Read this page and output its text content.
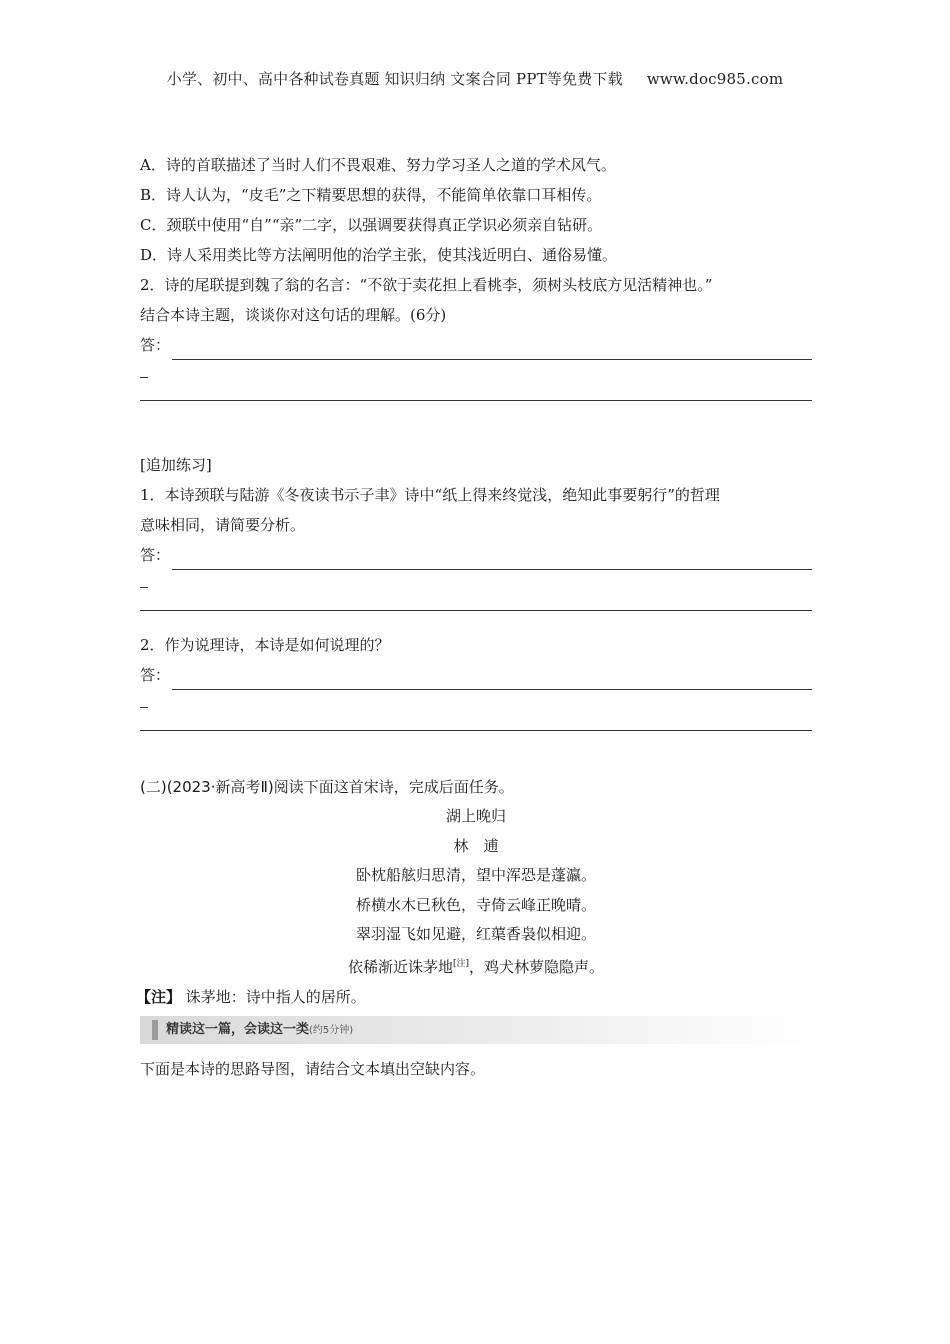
小学、初中、高中各种试卷真题 知识归纳 文案合同 PPT等免费下载 www.doc985.com
A．诗的首联描述了当时人们不畏艰难、努力学习圣人之道的学术风气。
B．诗人认为，“皮毛”之下精要思想的获得，不能简单依靠口耳相传。
C．颈联中使用“自”“亲”二字，以强调要获得真正学识必须亲自钻研。
D．诗人采用类比等方法阐明他的治学主张，使其浅近明白、通俗易懂。
2．诗的尾联提到魏了翁的名言：“不欲于卖花担上看桃李，须树头枝底方见活精神也。”
结合本诗主题，谈谈你对这句话的理解。(6分)
答：
[追加练习]
1．本诗颈联与陆游《冬夜读书示子聿》诗中“纸上得来终觉浅，绝知此事要躬行”的哲理
意味相同，请简要分析。
答：
2．作为说理诗，本诗是如何说理的？
答：
(二)(2023·新高考Ⅱ)阅读下面这首宋诗，完成后面任务。
湖上晚归
林　逋
卧枕船舷归思清，望中浑恐是蓬瀛。
桥横水木已秋色，寺倚云峰正晚晴。
翠羽湿飞如见避，红蕖香袅似相迎。
依稀渐近诛茅地[注]，鸡犬林萝隐隐声。
【注】 诛茅地：诗中指人的居所。
精读这一篇，会读这一类(约5分钟)
下面是本诗的思路导图，请结合文本填出空缺内容。
